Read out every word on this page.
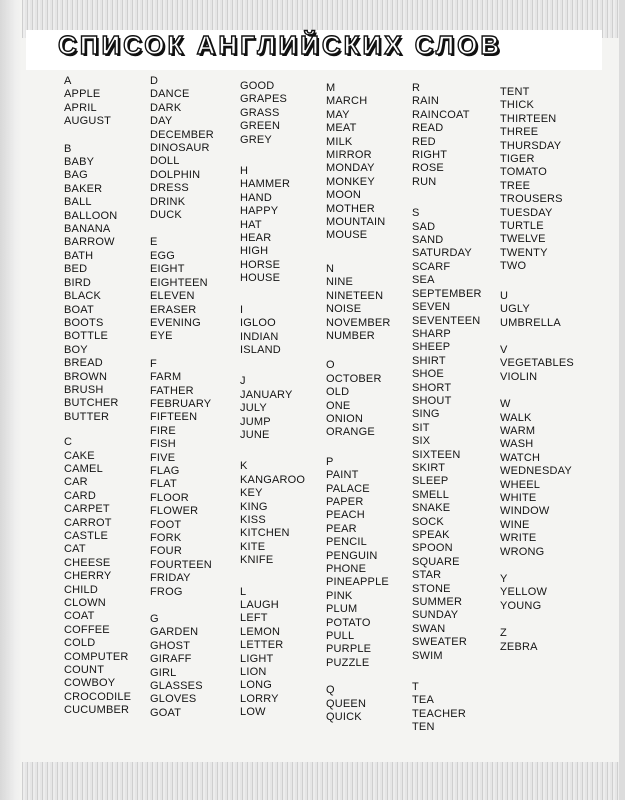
СПИСОК АНГЛИЙСКИХ СЛОВ
A
APPLE
APRIL
AUGUST
B
BABY
BAG
BAKER
BALL
BALLOON
BANANA
BARROW
BATH
BED
BIRD
BLACK
BOAT
BOOTS
BOTTLE
BOY
BREAD
BROWN
BRUSH
BUTCHER
BUTTER
C
CAKE
CAMEL
CAR
CARD
CARPET
CARROT
CASTLE
CAT
CHEESE
CHERRY
CHILD
CLOWN
COAT
COFFEE
COLD
COMPUTER
COUNT
COWBOY
CROCODILE
CUCUMBER
D
DANCE
DARK
DAY
DECEMBER
DINOSAUR
DOLL
DOLPHIN
DRESS
DRINK
DUCK
E
EGG
EIGHT
EIGHTEEN
ELEVEN
ERASER
EVENING
EYE
F
FARM
FATHER
FEBRUARY
FIFTEEN
FIRE
FISH
FIVE
FLAG
FLAT
FLOOR
FLOWER
FOOT
FORK
FOUR
FOURTEEN
FRIDAY
FROG
G
GARDEN
GHOST
GIRAFF
GIRL
GLASSES
GLOVES
GOAT
GOOD
GRAPES
GRASS
GREEN
GREY
H
HAMMER
HAND
HAPPY
HAT
HEAR
HIGH
HORSE
HOUSE
I
IGLOO
INDIAN
ISLAND
J
JANUARY
JULY
JUMP
JUNE
K
KANGAROO
KEY
KING
KISS
KITCHEN
KITE
KNIFE
L
LAUGH
LEFT
LEMON
LETTER
LIGHT
LION
LONG
LORRY
LOW
M
MARCH
MAY
MEAT
MILK
MIRROR
MONDAY
MONKEY
MOON
MOTHER
MOUNTAIN
MOUSE
N
NINE
NINETEEN
NOISE
NOVEMBER
NUMBER
O
OCTOBER
OLD
ONE
ONION
ORANGE
P
PAINT
PALACE
PAPER
PEACH
PEAR
PENCIL
PENGUIN
PHONE
PINEAPPLE
PINK
PLUM
POTATO
PULL
PURPLE
PUZZLE
Q
QUEEN
QUICK
R
RAIN
RAINCOAT
READ
RED
RIGHT
ROSE
RUN
S
SAD
SAND
SATURDAY
SCARF
SEA
SEPTEMBER
SEVEN
SEVENTEEN
SHARP
SHEEP
SHIRT
SHOE
SHORT
SHOUT
SING
SIT
SIX
SIXTEEN
SKIRT
SLEEP
SMELL
SNAKE
SOCK
SPEAK
SPOON
SQUARE
STAR
STONE
SUMMER
SUNDAY
SWAN
SWEATER
SWIM
T
TEA
TEACHER
TEN
TENT
THICK
THIRTEEN
THREE
THURSDAY
TIGER
TOMATO
TREE
TROUSERS
TUESDAY
TURTLE
TWELVE
TWENTY
TWO
U
UGLY
UMBRELLA
V
VEGETABLES
VIOLIN
W
WALK
WARM
WASH
WATCH
WEDNESDAY
WHEEL
WHITE
WINDOW
WINE
WRITE
WRONG
Y
YELLOW
YOUNG
Z
ZEBRA
